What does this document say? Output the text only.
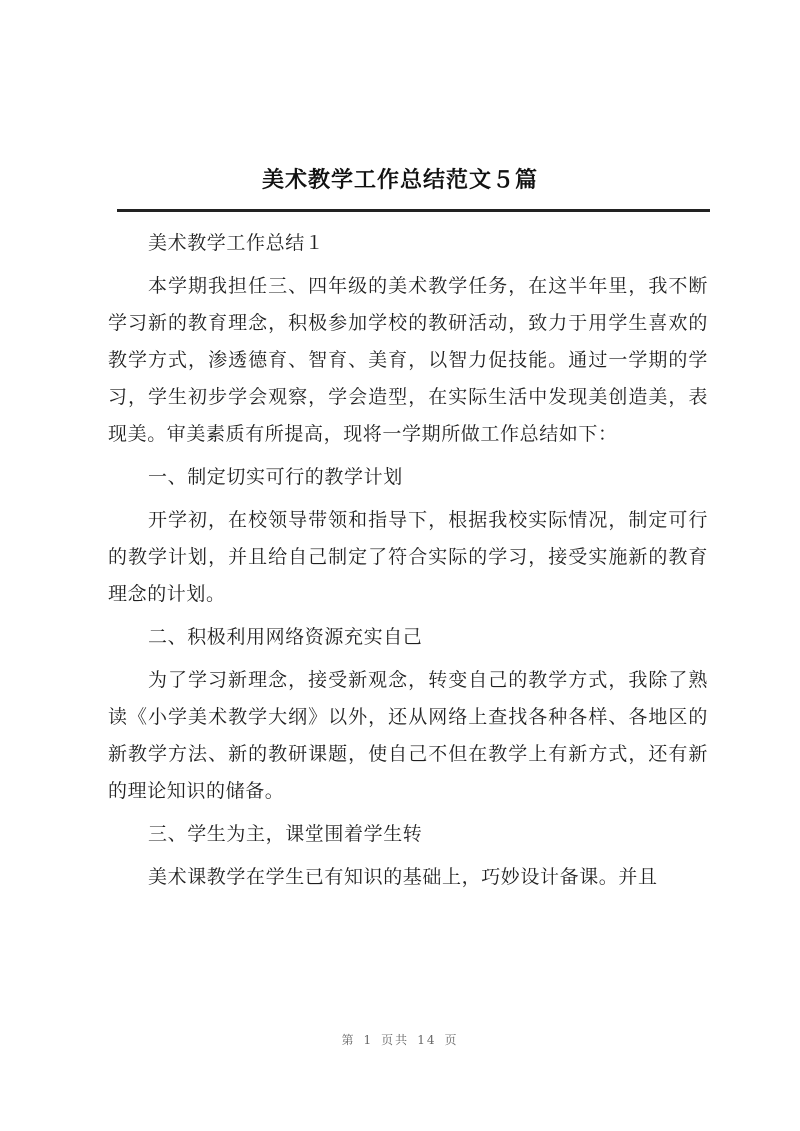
美术教学工作总结范文５篇

美术教学工作总结１

本学期我担任三、四年级的美术教学任务，在这半年里，我不断学习新的教育理念，积极参加学校的教研活动，致力于用学生喜欢的教学方式，渗透德育、智育、美育，以智力促技能。通过一学期的学习，学生初步学会观察，学会造型，在实际生活中发现美创造美，表现美。审美素质有所提高，现将一学期所做工作总结如下：

一、制定切实可行的教学计划

开学初，在校领导带领和指导下，根据我校实际情况，制定可行的教学计划，并且给自己制定了符合实际的学习，接受实施新的教育理念的计划。

二、积极利用网络资源充实自己

为了学习新理念，接受新观念，转变自己的教学方式，我除了熟读《小学美术教学大纲》以外，还从网络上查找各种各样、各地区的新教学方法、新的教研课题，使自己不但在教学上有新方式，还有新的理论知识的储备。

三、学生为主，课堂围着学生转

美术课教学在学生已有知识的基础上，巧妙设计备课。并且

第 1 页共 14 页
